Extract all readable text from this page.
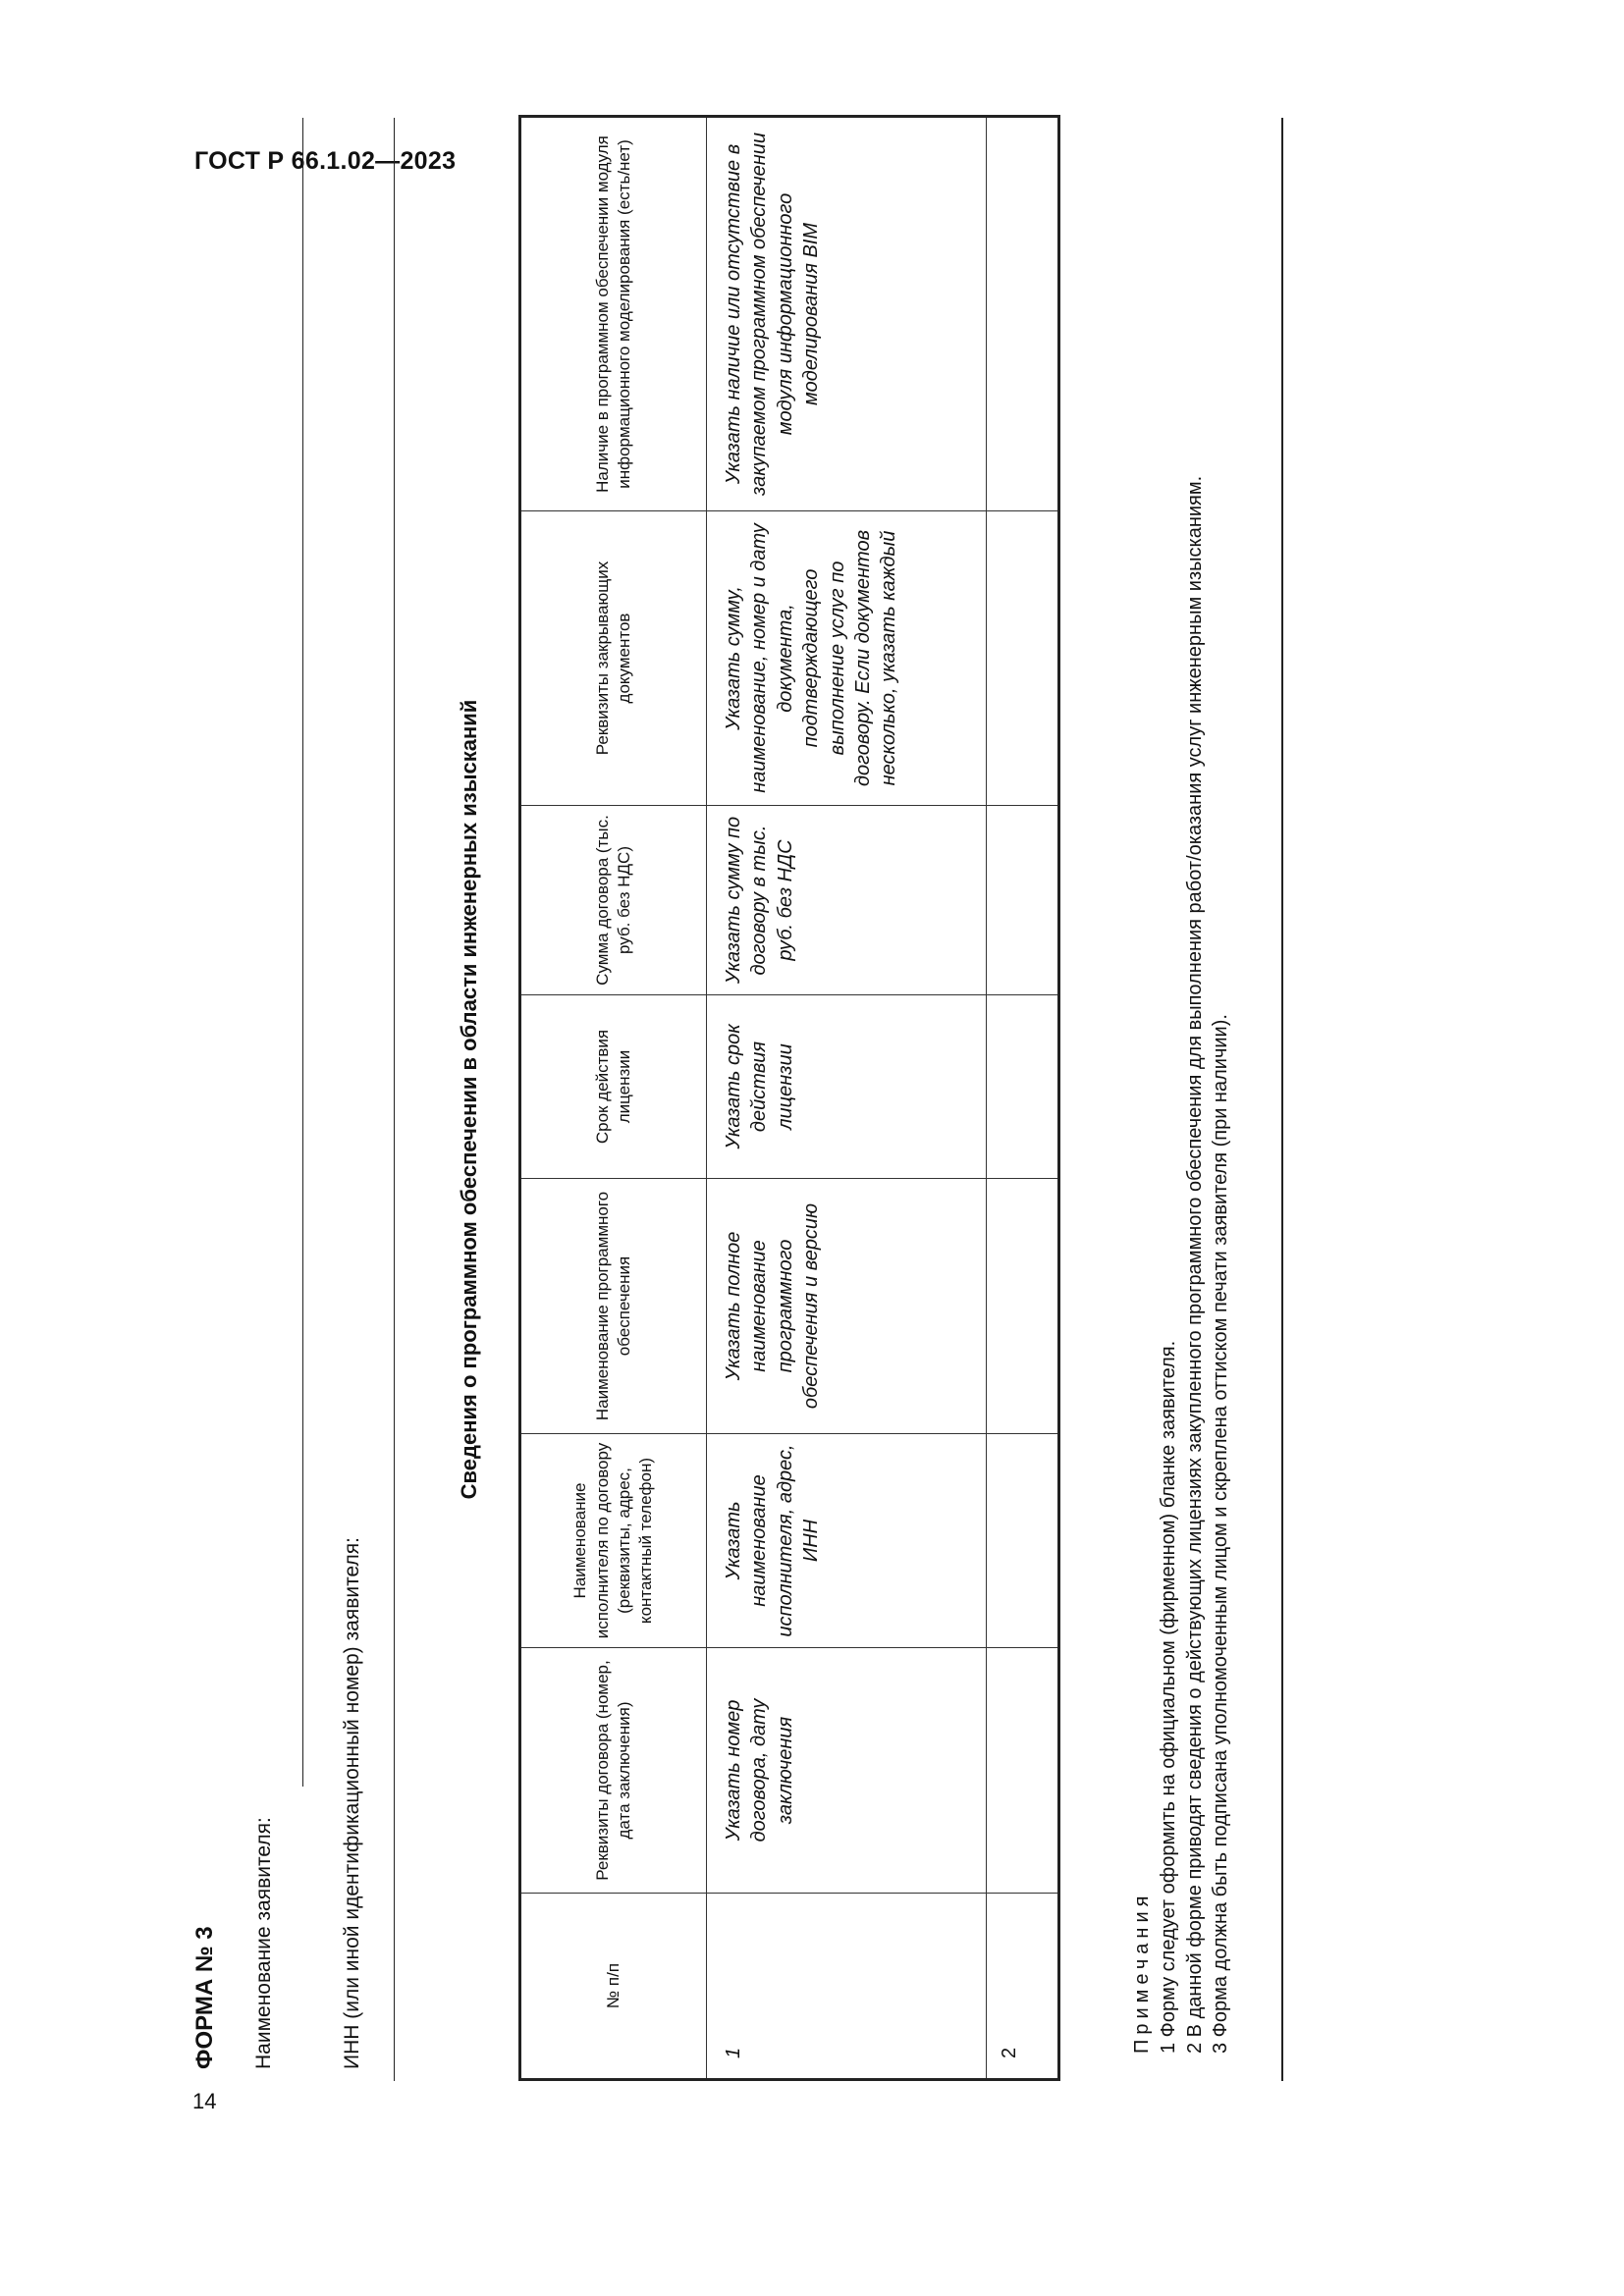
ГОСТ Р 66.1.02—2023
14
ФОРМА № 3 Наименование заявителя:	ИНН (или иной идентификационный номер) заявителя:
Сведения о программном обеспечении в области инженерных изысканий
№ п/п	Реквизиты договора (номер, дата заключения)	Наименование исполнителя по договору (реквизиты, адрес, контактный телефон)	Наименование программного обеспечения	Срок действия лицензии	Сумма договора (тыс. руб. без НДС)	Реквизиты закрывающих документов	Наличие в программном обеспечении модуля информационного моделирования (есть/нет)
1	Указать номер договора, дату заключения	Указать наименование исполнителя, адрес, ИНН	Указать полное наименование программного обеспечения и версию	Указать срок действия лицензии	Указать сумму по договору в тыс. руб. без НДС	Указать сумму, наименование, номер и дату документа, подтверждающего выполнение услуг по договору. Если документов несколько, указать каждый	Указать наличие или отсутствие в закупаемом программном обеспечении модуля информационного моделирования BIM
2								Примечания 1 Форму следует оформить на официальном (фирменном) бланке заявителя. 2 В данной форме приводят сведения о действующих лицензиях закупленного программного обеспечения для выполнения работ/оказания услуг инженерным изысканиям. 3 Форма должна быть подписана уполномоченным лицом и скреплена оттиском печати заявителя (при наличии).
